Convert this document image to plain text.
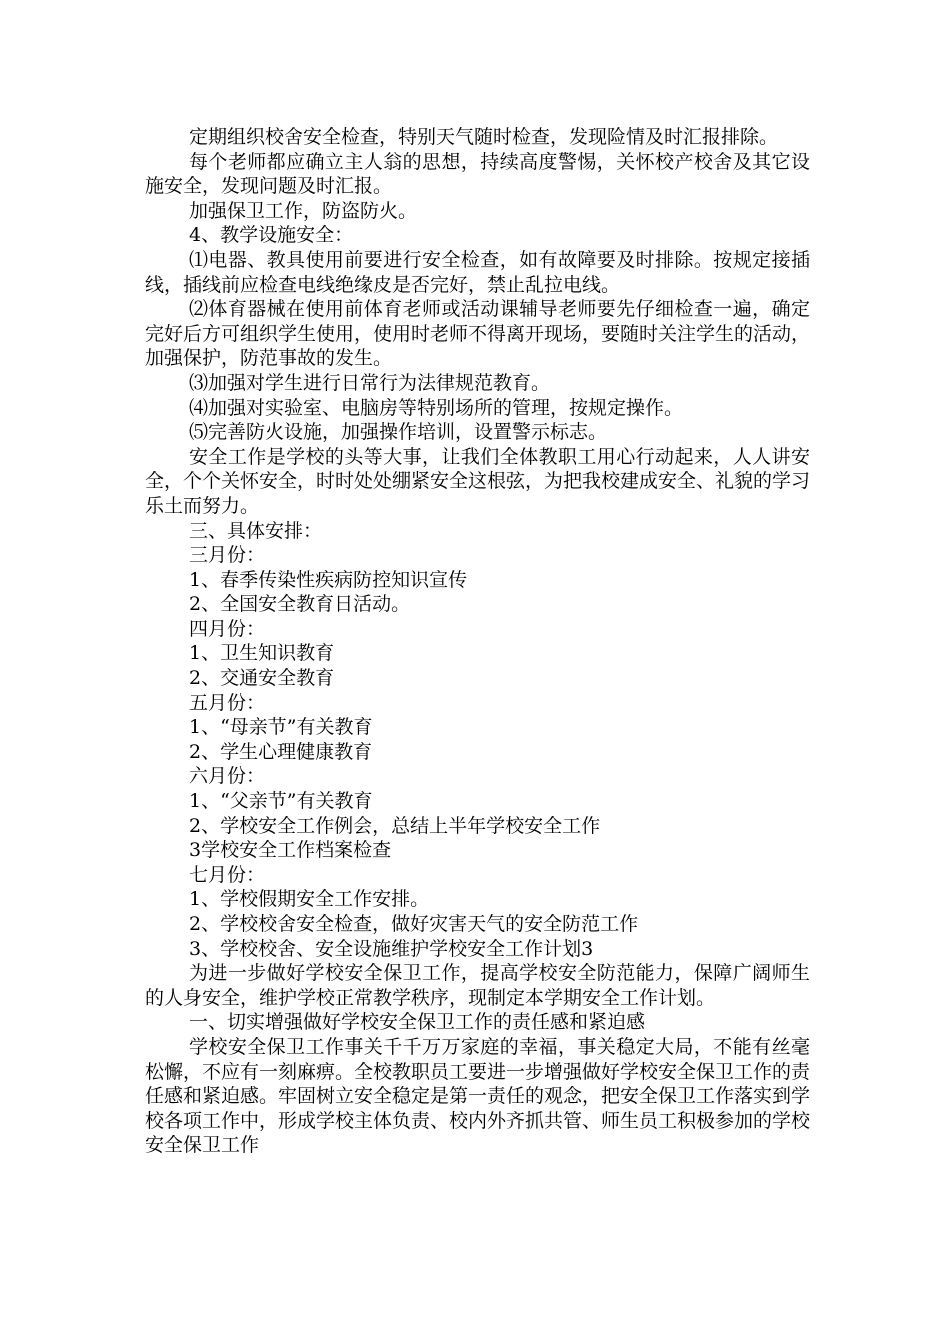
定期组织校舍安全检查，特别天气随时检查，发现险情及时汇报排除。

每个老师都应确立主人翁的思想，持续高度警惕，关怀校产校舍及其它设施安全，发现问题及时汇报。

加强保卫工作，防盗防火。

4、教学设施安全：

⑴电器、教具使用前要进行安全检查，如有故障要及时排除。按规定接插线，插线前应检查电线绝缘皮是否完好，禁止乱拉电线。

⑵体育器械在使用前体育老师或活动课辅导老师要先仔细检查一遍，确定完好后方可组织学生使用，使用时老师不得离开现场，要随时关注学生的活动，加强保护，防范事故的发生。

⑶加强对学生进行日常行为法律规范教育。

⑷加强对实验室、电脑房等特别场所的管理，按规定操作。

⑸完善防火设施，加强操作培训，设置警示标志。

安全工作是学校的头等大事，让我们全体教职工用心行动起来，人人讲安全，个个关怀安全，时时处处绷紧安全这根弦，为把我校建成安全、礼貌的学习乐土而努力。

三、具体安排：

三月份：

1、春季传染性疾病防控知识宣传

2、全国安全教育日活动。

四月份：

1、卫生知识教育

2、交通安全教育

五月份：

1、“母亲节”有关教育

2、学生心理健康教育

六月份：

1、“父亲节”有关教育

2、学校安全工作例会，总结上半年学校安全工作

3学校安全工作档案检查

七月份：

1、学校假期安全工作安排。

2、学校校舍安全检查，做好灾害天气的安全防范工作

3、学校校舍、安全设施维护学校安全工作计划3

为进一步做好学校安全保卫工作，提高学校安全防范能力，保障广阔师生的人身安全，维护学校正常教学秩序，现制定本学期安全工作计划。

一、切实增强做好学校安全保卫工作的责任感和紧迫感

学校安全保卫工作事关千千万万家庭的幸福，事关稳定大局，不能有丝毫松懈，不应有一刻麻痹。全校教职员工要进一步增强做好学校安全保卫工作的责任感和紧迫感。牢固树立安全稳定是第一责任的观念，把安全保卫工作落实到学校各项工作中，形成学校主体负责、校内外齐抓共管、师生员工积极参加的学校安全保卫工作
